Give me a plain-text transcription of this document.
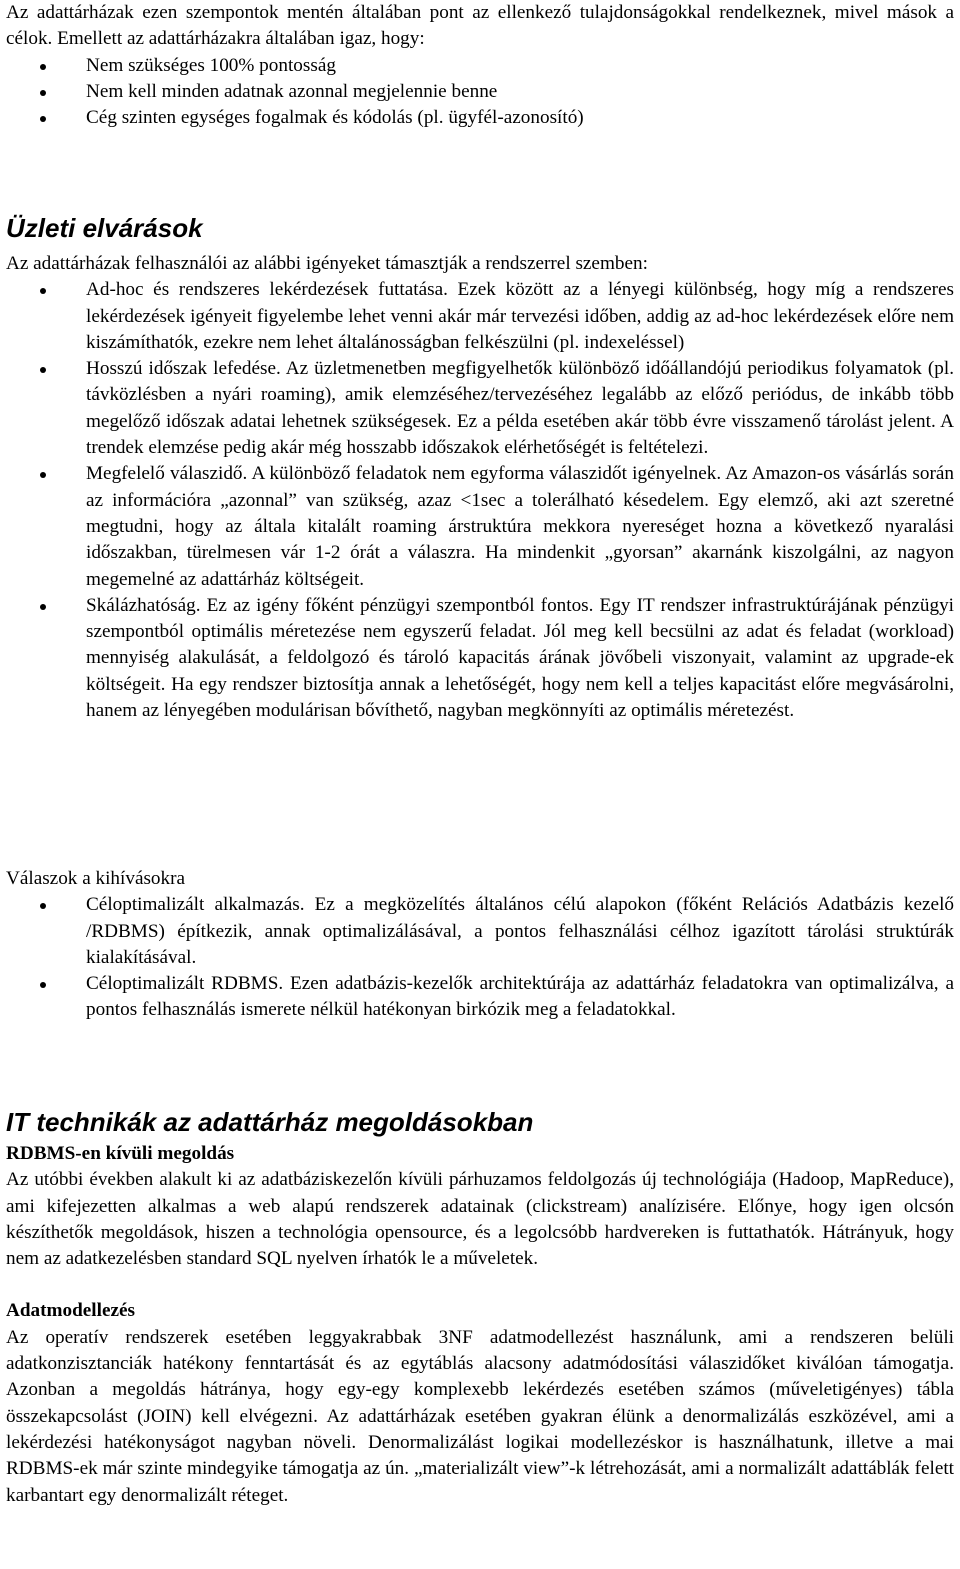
Az adattárházak ezen szempontok mentén általában pont az ellenkező tulajdonságokkal rendelkeznek, mivel mások a célok. Emellett az adattárházakra általában igaz, hogy:

Nem szükséges 100% pontosság
Nem kell minden adatnak azonnal megjelennie benne
Cég szinten egységes fogalmak és kódolás (pl. ügyfél-azonosító)
Üzleti elvárások

Az adattárházak felhasználói az alábbi igényeket támasztják a rendszerrel szemben:

Ad-hoc és rendszeres lekérdezések futtatása. Ezek között az a lényegi különbség, hogy míg a rendszeres lekérdezések igényeit figyelembe lehet venni akár már tervezési időben, addig az ad-hoc lekérdezések előre nem kiszámíthatók, ezekre nem lehet általánosságban felkészülni (pl. indexeléssel)
Hosszú időszak lefedése. Az üzletmenetben megfigyelhetők különböző időállandójú periodikus folyamatok (pl. távközlésben a nyári roaming), amik elemzéséhez/tervezéséhez legalább az előző periódus, de inkább több megelőző időszak adatai lehetnek szükségesek. Ez a példa esetében akár több évre visszamenő tárolást jelent. A trendek elemzése pedig akár még hosszabb időszakok elérhetőségét is feltételezi.
Megfelelő válaszidő. A különböző feladatok nem egyforma válaszidőt igényelnek. Az Amazon-os vásárlás során az információra „azonnal” van szükség, azaz <1sec a tolerálható késedelem. Egy elemző, aki azt szeretné megtudni, hogy az általa kitalált roaming árstruktúra mekkora nyereséget hozna a következő nyaralási időszakban, türelmesen vár 1-2 órát a válaszra. Ha mindenkit „gyorsan” akarnánk kiszolgálni, az nagyon megemelné az adattárház költségeit.
Skálázhatóság. Ez az igény főként pénzügyi szempontból fontos. Egy IT rendszer infrastruktúrájának pénzügyi szempontból optimális méretezése nem egyszerű feladat. Jól meg kell becsülni az adat és feladat (workload) mennyiség alakulását, a feldolgozó és tároló kapacitás árának jövőbeli viszonyait, valamint az upgrade-ek költségeit. Ha egy rendszer biztosítja annak a lehetőségét, hogy nem kell a teljes kapacitást előre megvásárolni, hanem az lényegében modulárisan bővíthető, nagyban megkönnyíti az optimális méretezést.

Válaszok a kihívásokra

Céloptimalizált alkalmazás. Ez a megközelítés általános célú alapokon (főként Relációs Adatbázis kezelő /RDBMS) építkezik, annak optimalizálásával, a pontos felhasználási célhoz igazított tárolási struktúrák kialakításával.
Céloptimalizált RDBMS. Ezen adatbázis-kezelők architektúrája az adattárház feladatokra van optimalizálva, a pontos felhasználás ismerete nélkül hatékonyan birkózik meg a feladatokkal.
IT technikák az adattárház megoldásokban

RDBMS-en kívüli megoldás

Az utóbbi években alakult ki az adatbáziskezelőn kívüli párhuzamos feldolgozás új technológiája (Hadoop, MapReduce), ami kifejezetten alkalmas a web alapú rendszerek adatainak (clickstream) analízisére. Előnye, hogy igen olcsón készíthetők megoldások, hiszen a technológia opensource, és a legolcsóbb hardvereken is futtathatók. Hátrányuk, hogy nem az adatkezelésben standard SQL nyelven írhatók le a műveletek.

Adatmodellezés

Az operatív rendszerek esetében leggyakrabbak 3NF adatmodellezést használunk, ami a rendszeren belüli adatkonzisztanciák hatékony fenntartását és az egytáblás alacsony adatmódosítási válaszidőket kiválóan támogatja. Azonban a megoldás hátránya, hogy egy-egy komplexebb lekérdezés esetében számos (műveletigényes) tábla összekapcsolást (JOIN) kell elvégezni. Az adattárházak esetében gyakran élünk a denormalizálás eszközével, ami a lekérdezési hatékonyságot nagyban növeli. Denormalizálást logikai modellezéskor is használhatunk, illetve a mai RDBMS-ek már szinte mindegyike támogatja az ún. „materializált view”-k létrehozását, ami a normalizált adattáblák felett karbantart egy denormalizált réteget.
